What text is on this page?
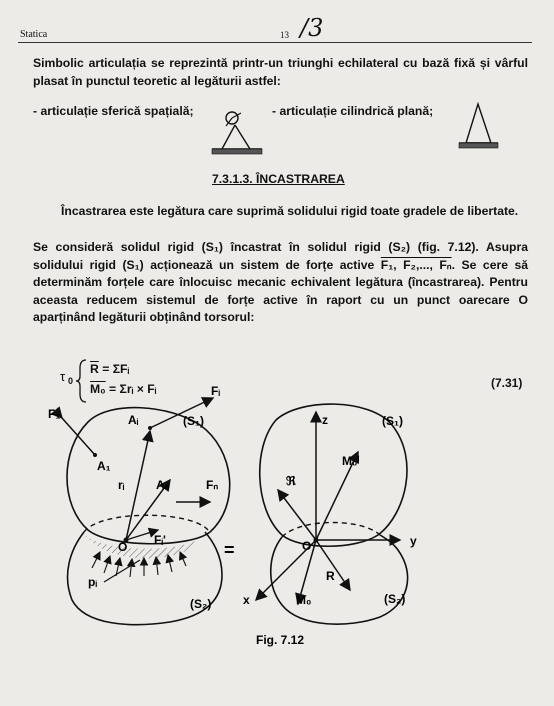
Statica	13 /3
Simbolic articulația se reprezintă printr-un triunghi echilateral cu bază fixă și vârful plasat în punctul teoretic al legăturii astfel:
- articulație sferică spațială;	- articulație cilindrică plană;
7.3.1.3. ÎNCASTRAREA
Încastrarea este legătura care suprimă solidului rigid toate gradele de libertate.
Se consideră solidul rigid (S₁) încastrat în solidul rigid (S₂) (fig. 7.12). Asupra solidului rigid (S₁) acționează un sistem de forțe active F₁, F₂,..., Fₙ. Se cere să determinăm forțele care înlocuisc mecanic echivalent legătura (încastrarea). Pentru aceasta reducem sistemul de forțe active în raport cu un punct oarecare O aparținând legăturii obținând torsorul:
τ 0
$\overline{R}$ = ΣFᵢ
M₀ = Σrᵢ × Fᵢ	(7.31)
F₁
Fᵢ
Aᵢ	(S₁)
A₁
rᵢ	Aₙ	Fₙ
O Fᵢ'
pᵢ
(S₂)
=
z	(S₁)
M₀ⁱ
ℜ
O	y
R
x	M₀	(S₂)
Fig. 7.12
